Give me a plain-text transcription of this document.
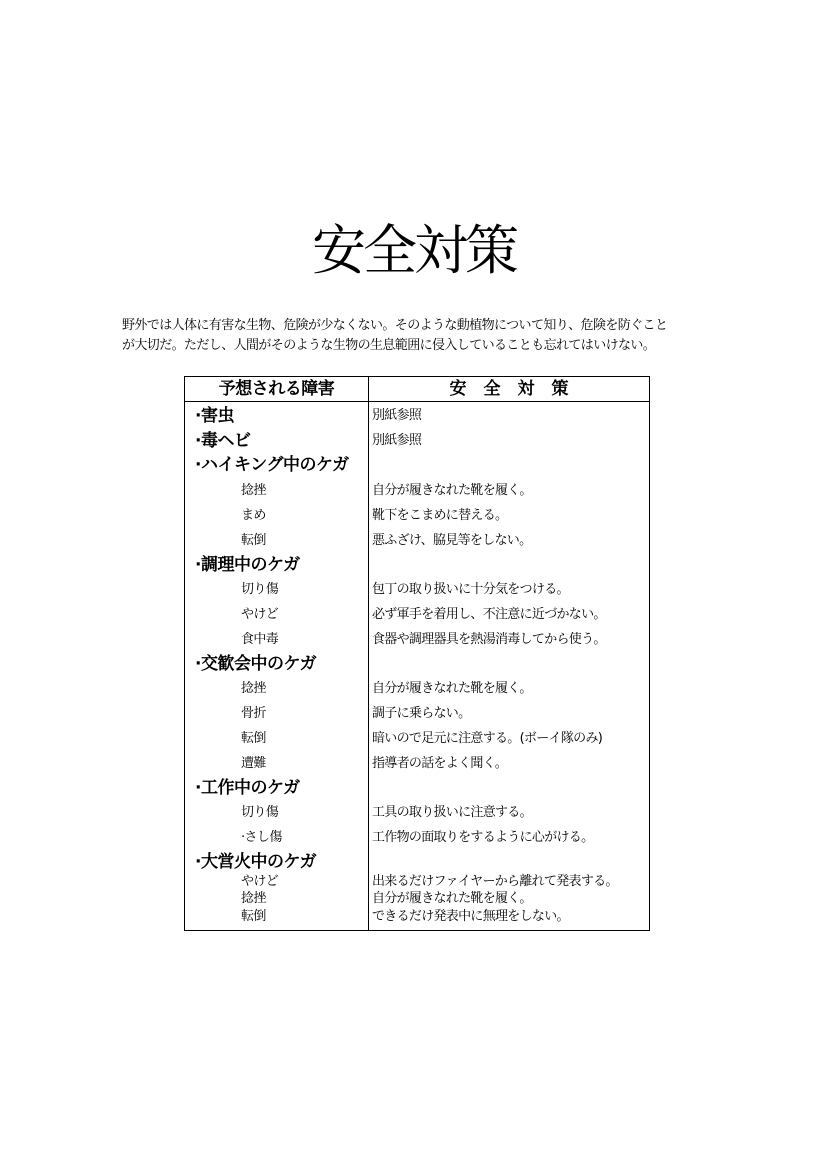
安全対策

野外では人体に有害な生物、危険が少なくない。そのような動植物について知り、危険を防ぐこと

が大切だ。ただし、人間がそのような生物の生息範囲に侵入していることも忘れてはいけない。

予想される障害	安　全　対　策
·害虫	別紙参照
·毒ヘビ	別紙参照
·ハイキング中のケガ
捻挫	自分が履きなれた靴を履く。
まめ	靴下をこまめに替える。
転倒	悪ふざけ、脇見等をしない。
·調理中のケガ
切り傷	包丁の取り扱いに十分気をつける。
やけど	必ず軍手を着用し、不注意に近づかない。
食中毒	食器や調理器具を熱湯消毒してから使う。
·交歓会中のケガ
捻挫	自分が履きなれた靴を履く。
骨折	調子に乗らない。
転倒	暗いので足元に注意する。(ボーイ隊のみ)
遭難	指導者の話をよく聞く。
·工作中のケガ
切り傷	工具の取り扱いに注意する。
·さし傷	工作物の面取りをするように心がける。
·大営火中のケガ
やけど	出来るだけファイヤーから離れて発表する。
捻挫	自分が履きなれた靴を履く。
転倒	できるだけ発表中に無理をしない。
